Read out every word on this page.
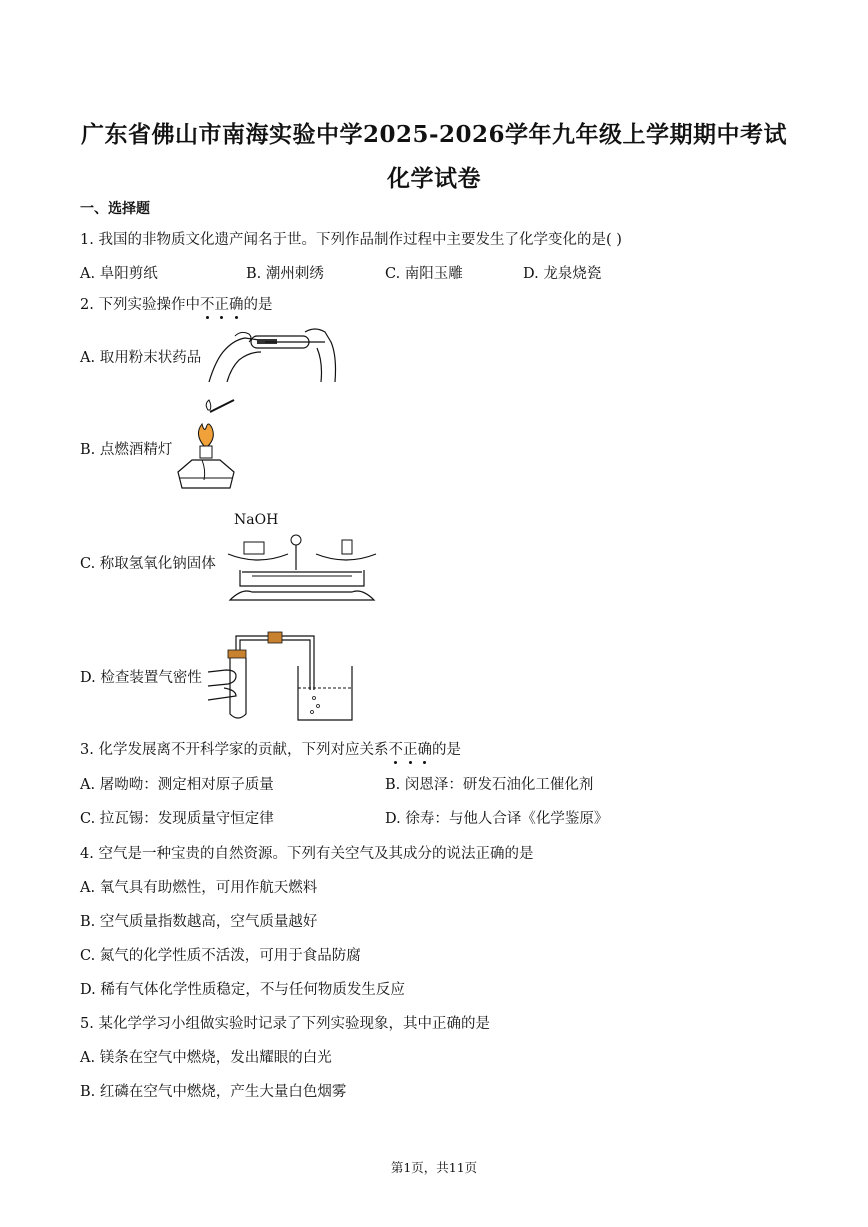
广东省佛山市南海实验中学2025-2026学年九年级上学期期中考试
化学试卷
一、选择题
1. 我国的非物质文化遗产闻名于世。下列作品制作过程中主要发生了化学变化的是( )
A. 阜阳剪纸	B. 潮州刺绣	C. 南阳玉雕	D. 龙泉烧瓷
2. 下列实验操作中不正确的是
A. 取用粉末状药品
B. 点燃酒精灯
NaOH
C. 称取氢氧化钠固体
D. 检查装置气密性
3. 化学发展离不开科学家的贡献，下列对应关系不正确的是
A. 屠呦呦：测定相对原子质量	B. 闵恩泽：研发石油化工催化剂
C. 拉瓦锡：发现质量守恒定律	D. 徐寿：与他人合译《化学鉴原》
4. 空气是一种宝贵的自然资源。下列有关空气及其成分的说法正确的是
A. 氧气具有助燃性，可用作航天燃料
B. 空气质量指数越高，空气质量越好
C. 氮气的化学性质不活泼，可用于食品防腐
D. 稀有气体化学性质稳定，不与任何物质发生反应
5. 某化学学习小组做实验时记录了下列实验现象，其中正确的是
A. 镁条在空气中燃烧，发出耀眼的白光
B. 红磷在空气中燃烧，产生大量白色烟雾
第1页，共11页
